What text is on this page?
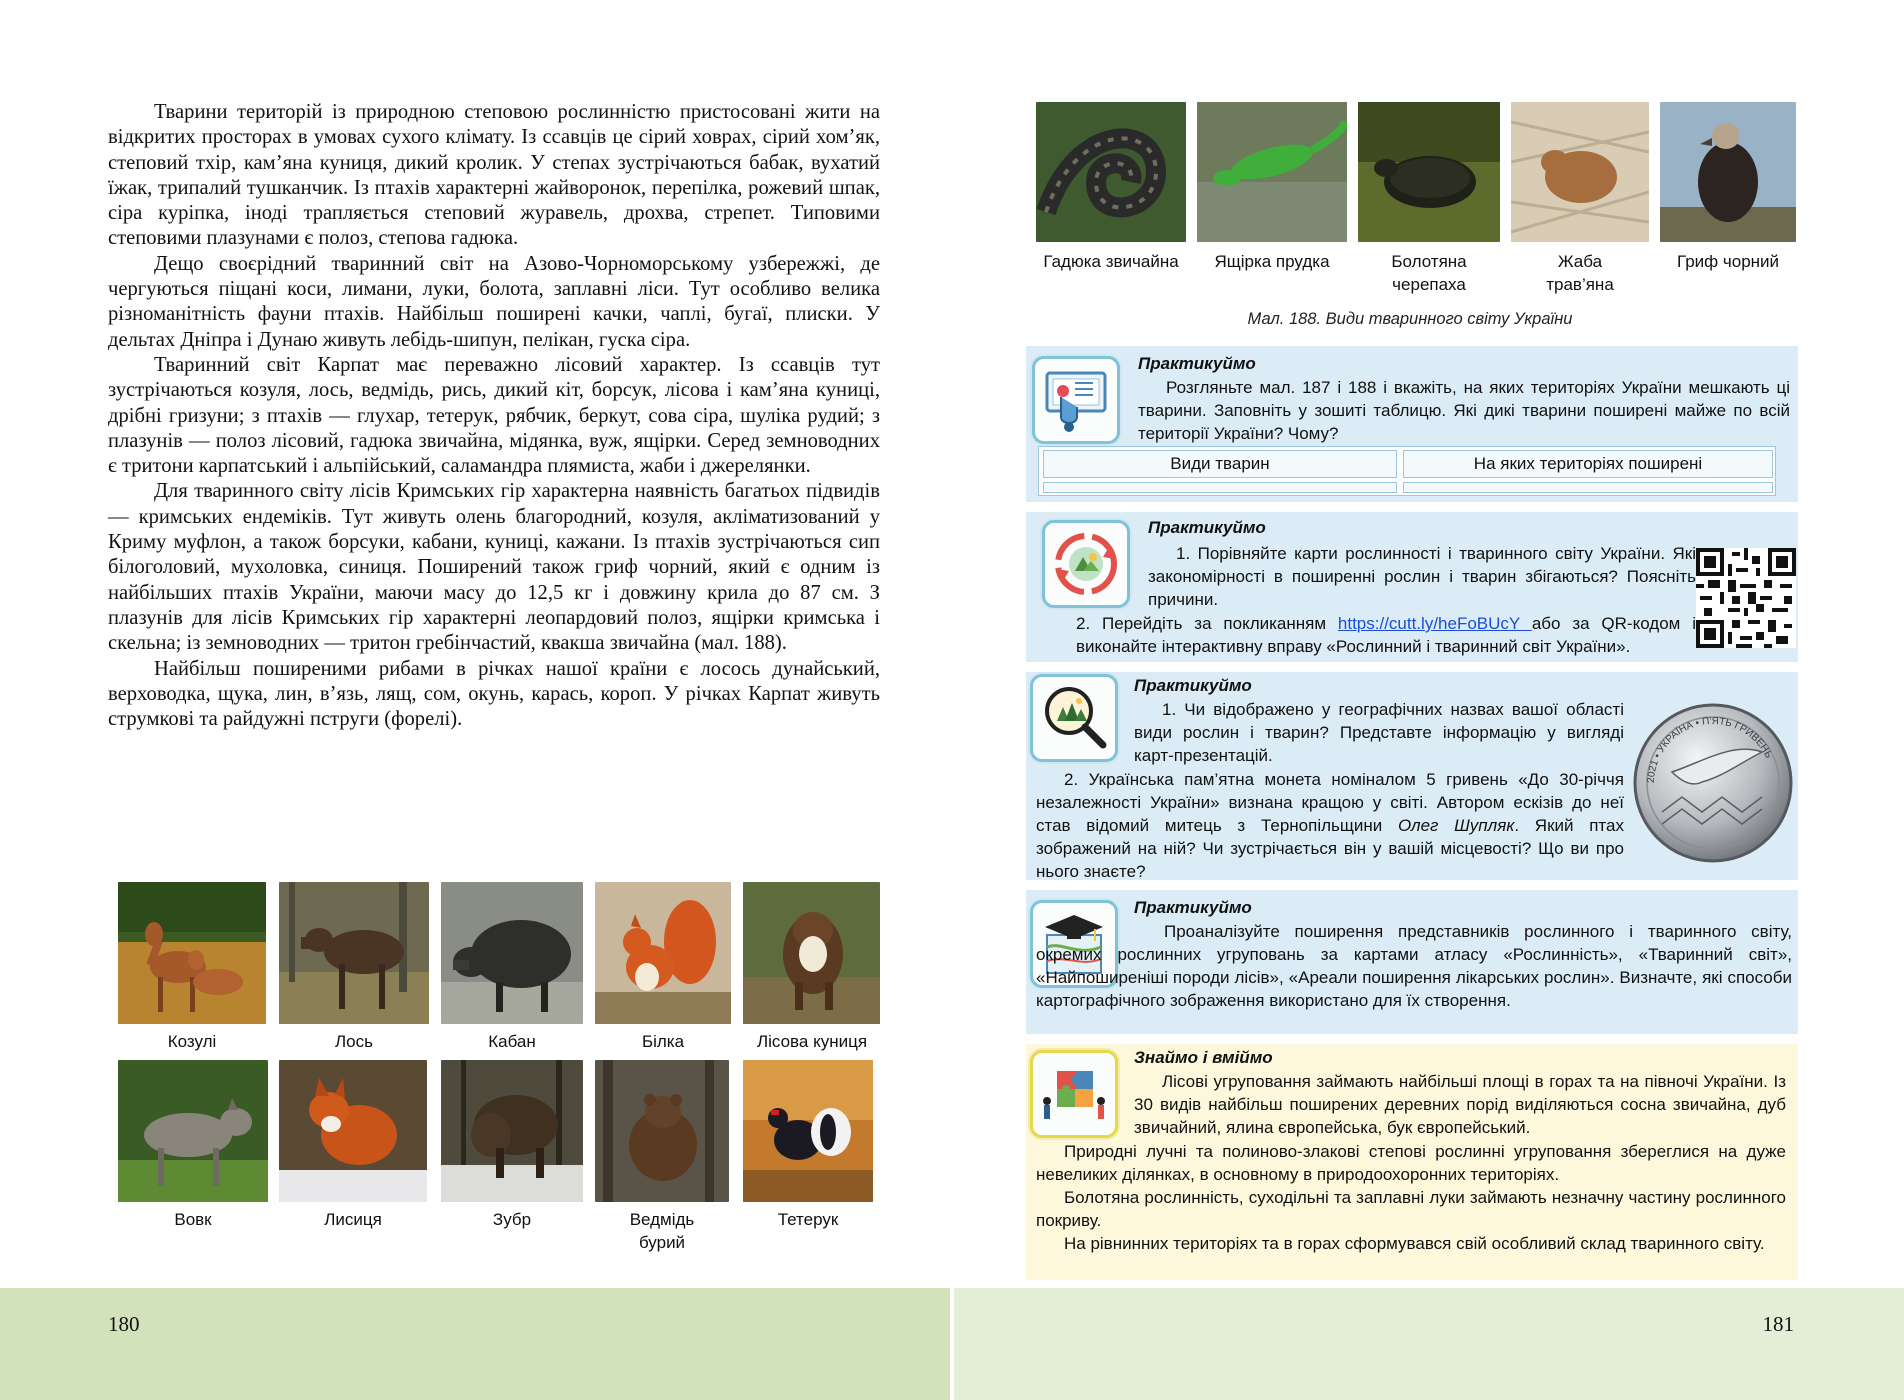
Тварини територій із природною степовою рослинністю пристосовані жити на відкритих просторах в умовах сухого клімату. Із ссавців це сірий ховрах, сірий хом’як, степовий тхір, кам’яна куниця, дикий кролик. У степах зустрічаються бабак, вухатий їжак, трипалий тушканчик. Із птахів характерні жайворонок, перепілка, рожевий шпак, сіра куріпка, іноді трапляється степовий журавель, дрохва, стрепет. Типовими степовими плазунами є полоз, степова гадюка.

Дещо своєрідний тваринний світ на Азово-Чорноморському узбережжі, де чергуються піщані коси, лимани, луки, болота, заплавні ліси. Тут особливо велика різноманітність фауни птахів. Найбільш поширені качки, чаплі, бугаї, плиски. У дельтах Дніпра і Дунаю живуть лебідь-шипун, пелікан, гуска сіра.

Тваринний світ Карпат має переважно лісовий характер. Із ссавців тут зустрічаються козуля, лось, ведмідь, рись, дикий кіт, борсук, лісова і кам’яна куниці, дрібні гризуни; з птахів — глухар, тетерук, рябчик, беркут, сова сіра, шуліка рудий; з плазунів — полоз лісовий, гадюка звичайна, мідянка, вуж, ящірки. Серед земноводних є тритони карпатський і альпійський, саламандра плямиста, жаби і джерелянки.

Для тваринного світу лісів Кримських гір характерна наявність багатьох підвидів — кримських ендеміків. Тут живуть олень благородний, козуля, акліматизований у Криму муфлон, а також борсуки, кабани, куниці, кажани. Із птахів зустрічаються сип білоголовий, мухоловка, синиця. Поширений також гриф чорний, який є одним із найбільших птахів України, маючи масу до 12,5 кг і довжину крила до 87 см. З плазунів для лісів Кримських гір характерні леопардовий полоз, ящірки кримська і скельна; із земноводних — тритон гребінчастий, квакша звичайна (мал. 188).

Найбільш поширеними рибами в річках нашої країни є лосось дунайський, верховодка, щука, лин, в’язь, лящ, сом, окунь, карась, короп. У річках Карпат живуть струмкові та райдужні пструги (форелі).

Козулі	Лось	Кабан	Білка	Лісова куниця
Вовк	Лисиця	Зубр	Ведмідь бурий
Тетерук
Гадюка звичайна	Ящірка прудка	Болотяна черепаха
Жаба трав’яна
Гриф чорний
Мал. 188. Види тваринного світу України
Практикуймо
Розгляньте мал. 187 і 188 і вкажіть, на яких територіях України мешкають ці тварини. Заповніть у зошиті таблицю. Які дикі тварини поширені майже по всій території України? Чому?
Види тварин	На яких територіях поширені
Практикуймо
1. Порівняйте карти рослинності і тваринного світу України. Які закономірності в поширенні рослин і тварин збігаються? Поясніть причини.
2. Перейдіть за покликанням https://cutt.ly/heFoBUcY або за QR-кодом і виконайте інтерактивну вправу «Рослинний і тваринний світ України».
Практикуймо
1. Чи відображено у географічних назвах вашої області види рослин і тварин? Представте інформацію у вигляді карт-презентацій.
2. Українська пам’ятна монета номіналом 5 гривень «До 30-річчя незалежності України» визнана кращою у світі. Автором ескізів до неї став відомий митець з Тернопільщини Олег Шупляк. Який птах зображений на ній? Чи зустрічається він у вашій місцевості? Що ви про нього знаєте?
2021 • УКРАЇНА • П'ЯТЬ ГРИВЕНЬ
Практикуймо
Проаналізуйте поширення представників рослинного і тваринного світу, окремих рослинних угруповань за картами атласу «Рослинність», «Тваринний світ», «Найпоширеніші породи лісів», «Ареали поширення лікарських рослин». Визначте, які способи картографічного зображення використано для їх створення.
Знаймо і вміймо
Лісові угруповання займають найбільші площі в горах та на півночі України. Із 30 видів найбільш поширених деревних порід виділяються сосна звичайна, дуб звичайний, ялина європейська, бук європейський.
Природні лучні та полиново-злакові степові рослинні угруповання збереглися на дуже невеликих ділянках, в основному в природоохоронних територіях.
Болотяна рослинність, суходільні та заплавні луки займають незначну частину рослинного покриву.
На рівнинних територіях та в горах сформувався свій особливий склад тваринного світу.
180	181
